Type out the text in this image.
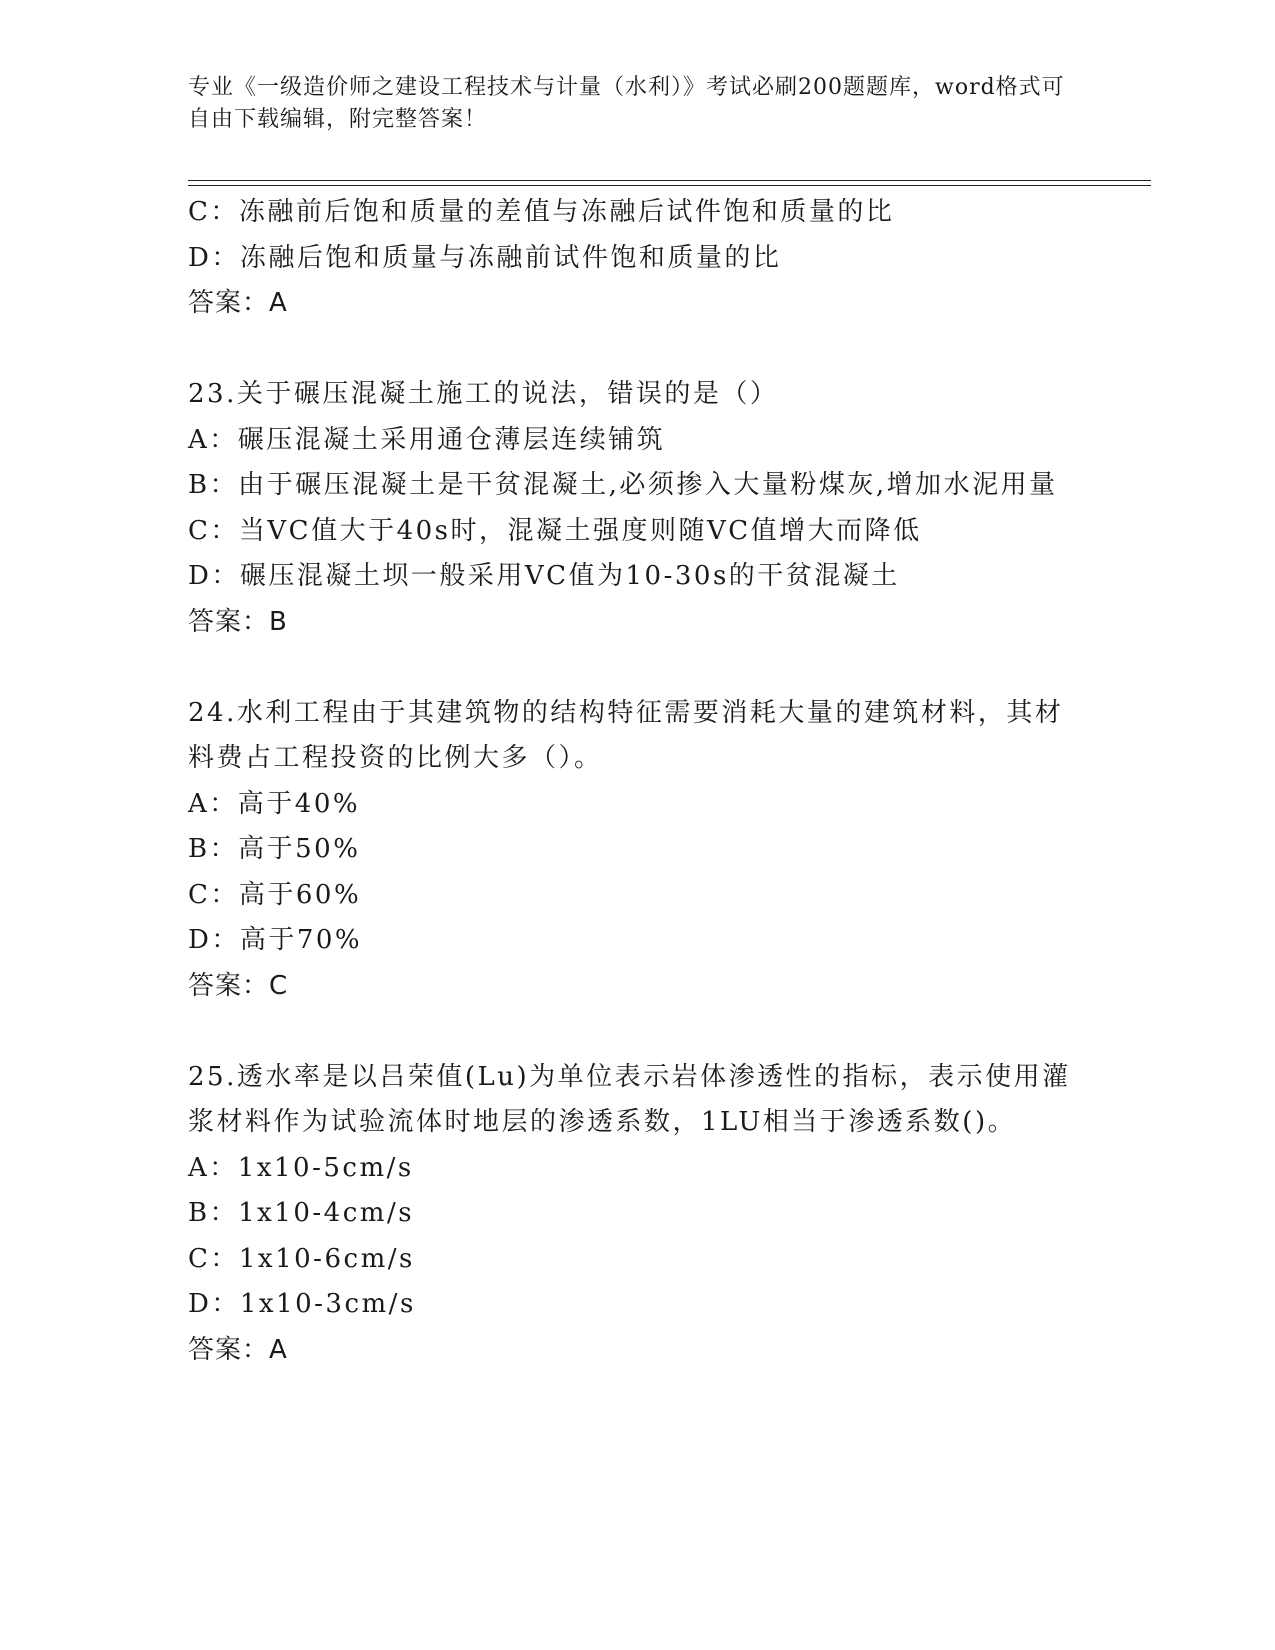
专业《一级造价师之建设工程技术与计量（水利）》考试必刷200题题库，word格式可自由下载编辑，附完整答案！
C：冻融前后饱和质量的差值与冻融后试件饱和质量的比
D：冻融后饱和质量与冻融前试件饱和质量的比
答案：A
23.关于碾压混凝土施工的说法，错误的是（）
A：碾压混凝土采用通仓薄层连续铺筑
B：由于碾压混凝土是干贫混凝土,必须掺入大量粉煤灰,增加水泥用量
C：当VC值大于40s时，混凝土强度则随VC值增大而降低
D：碾压混凝土坝一般采用VC值为10-30s的干贫混凝土
答案：B
24.水利工程由于其建筑物的结构特征需要消耗大量的建筑材料，其材
料费占工程投资的比例大多（）。
A：高于40%
B：高于50%
C：高于60%
D：高于70%
答案：C
25.透水率是以吕荣值(Lu)为单位表示岩体渗透性的指标，表示使用灌
浆材料作为试验流体时地层的渗透系数，1LU相当于渗透系数()。
A：1x10-5cm/s
B：1x10-4cm/s
C：1x10-6cm/s
D：1x10-3cm/s
答案：A
